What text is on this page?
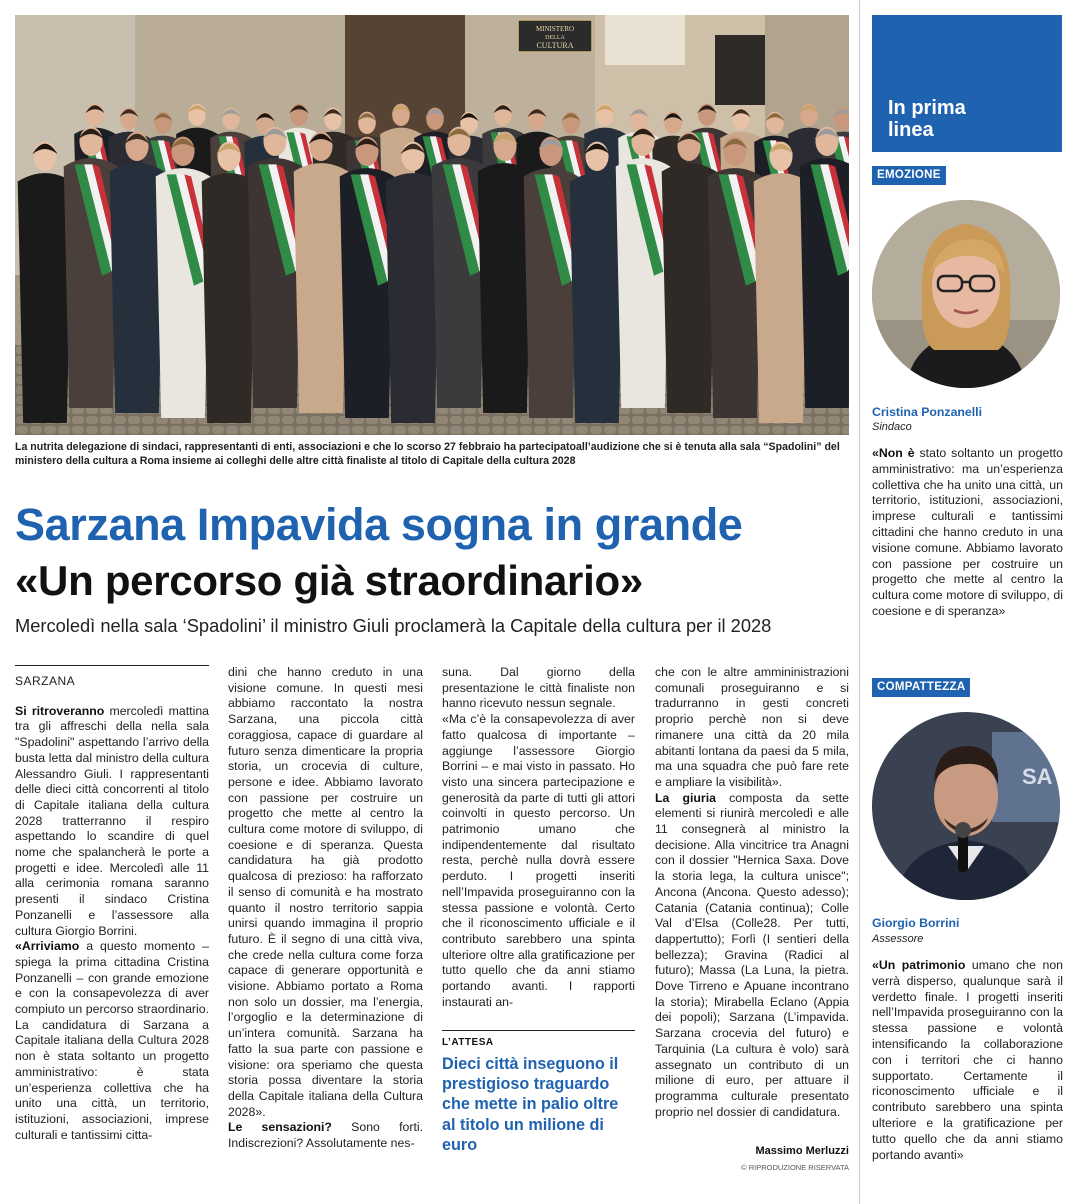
MINISTERO
DELLA
CULTURA
La nutrita delegazione di sindaci, rappresentanti di enti, associazioni e che lo scorso 27 febbraio ha partecipatoall’audizione che si è tenuta alla sala “Spadolini” del ministero della cultura a Roma insieme ai colleghi delle altre città finaliste al titolo di Capitale della cultura 2028
Sarzana Impavida sogna in grande
«Un percorso già straordinario»
Mercoledì nella sala ‘Spadolini’ il ministro Giuli proclamerà la Capitale della cultura per il 2028
SARZANA

Si ritroveranno mercoledì mattina tra gli affreschi della nella sala "Spadolini" aspettando l’arrivo della busta letta dal ministro della cultura Alessandro Giuli. I rappresentanti delle dieci città concorrenti al titolo di Capitale italiana della cultura 2028 tratterranno il respiro aspettando lo scandire di quel nome che spalancherà le porte a progetti e idee. Mercoledì alle 11 alla cerimonia romana saranno presenti il sindaco Cristina Ponzanelli e l’assessore alla cultura Giorgio Borrini.

«Arriviamo a questo momento – spiega la prima cittadina Cristina Ponzanelli – con grande emozione e con la consapevolezza di aver compiuto un percorso straordinario. La candidatura di Sarzana a Capitale italiana della Cultura 2028 non è stata soltanto un progetto amministrativo: è stata un’esperienza collettiva che ha unito una città, un territorio, istituzioni, associazioni, imprese culturali e tantissimi citta-

dini che hanno creduto in una visione comune. In questi mesi abbiamo raccontato la nostra Sarzana, una piccola città coraggiosa, capace di guardare al futuro senza dimenticare la propria storia, un crocevia di culture, persone e idee. Abbiamo lavorato con passione per costruire un progetto che mette al centro la cultura come motore di sviluppo, di coesione e di speranza. Questa candidatura ha già prodotto qualcosa di prezioso: ha rafforzato il senso di comunità e ha mostrato quanto il nostro territorio sappia unirsi quando immagina il proprio futuro. È il segno di una città viva, che crede nella cultura come forza capace di generare opportunità e visione. Abbiamo portato a Roma non solo un dossier, ma l’energia, l’orgoglio e la determinazione di un’intera comunità. Sarzana ha fatto la sua parte con passione e visione: ora speriamo che questa storia possa diventare la storia della Capitale italiana della Cultura 2028».

Le sensazioni? Sono forti. Indiscrezioni? Assolutamente nes-

suna. Dal giorno della presentazione le città finaliste non hanno ricevuto nessun segnale.

«Ma c’è la consapevolezza di aver fatto qualcosa di importante – aggiunge l’assessore Giorgio Borrini – e mai visto in passato. Ho visto una sincera partecipazione e generosità da parte di tutti gli attori coinvolti in questo percorso. Un patrimonio umano che indipendentemente dal risultato resta, perchè nulla dovrà essere perduto. I progetti inseriti nell’Impavida proseguiranno con la stessa passione e volontà. Certo che il riconoscimento ufficiale e il contributo sarebbero una spinta ulteriore oltre alla gratificazione per tutto quello che da anni stiamo portando avanti. I rapporti instaurati an-

L’ATTESA
Dieci città inseguono il prestigioso traguardo che mette in palio oltre al titolo un milione di euro

che con le altre ammininistrazioni comunali proseguiranno e si tradurranno in gesti concreti proprio perchè non si deve rimanere una città da 20 mila abitanti lontana da paesi da 5 mila, ma una squadra che può fare rete e ampliare la visibilità».

La giuria composta da sette elementi si riunirà mercoledì e alle 11 consegnerà al ministro la decisione. Alla vincitrice tra Anagni con il dossier "Hernica Saxa. Dove la storia lega, la cultura unisce"; Ancona (Ancona. Questo adesso); Catania (Catania continua); Colle Val d’Elsa (Colle28. Per tutti, dappertutto); Forlì (I sentieri della bellezza); Gravina (Radici al futuro); Massa (La Luna, la pietra. Dove Tirreno e Apuane incontrano la storia); Mirabella Eclano (Appia dei popoli); Sarzana (L’impavida. Sarzana crocevia del futuro) e Tarquinia (La cultura è volo) sarà assegnato un contributo di un milione di euro, per attuare il programma culturale presentato proprio nel dossier di candidatura.

Massimo Merluzzi
© RIPRODUZIONE RISERVATA
In prima linea
EMOZIONE
Cristina Ponzanelli
Sindaco
«Non è stato soltanto un progetto amministrativo: ma un’esperienza collettiva che ha unito una città, un territorio, istituzioni, associazioni, imprese culturali e tantissimi cittadini che hanno creduto in una visione comune. Abbiamo lavorato con passione per costruire un progetto che mette al centro la cultura come motore di sviluppo, di coesione e di speranza»
COMPATTEZZA
SA
Giorgio Borrini
Assessore
«Un patrimonio umano che non verrà disperso, qualunque sarà il verdetto finale. I progetti inseriti nell’Impavida proseguiranno con la stessa passione e volontà intensificando la collaborazione con i territori che ci hanno supportato. Certamente il riconoscimento ufficiale e il contributo sarebbero una spinta ulteriore e la gratificazione per tutto quello che da anni stiamo portando avanti»
